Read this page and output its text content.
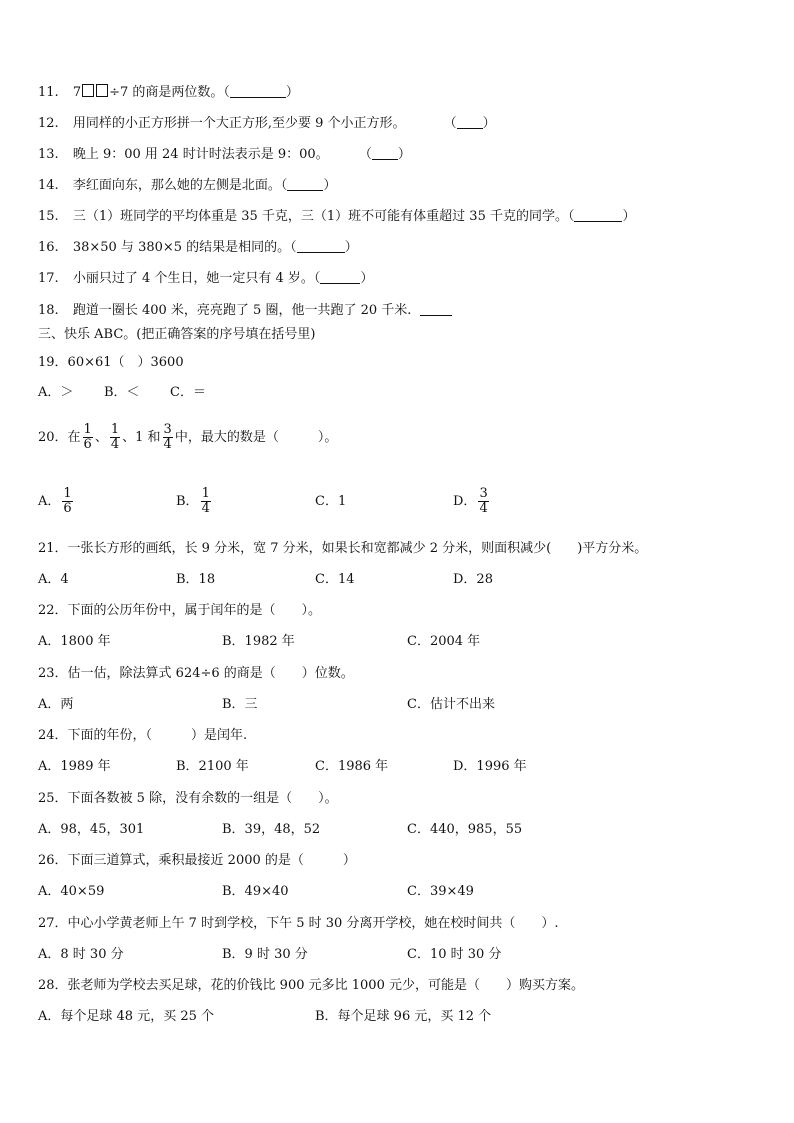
11. 7 ÷7 的商是两位数。（	）
12. 用同样的小正方形拼一个大正方形,至少要 9 个小正方形。	（ ）
13. 晚上 9：00 用 24 时计时法表示是 9：00。 （ ）
14. 李红面向东，那么她的左侧是北面。（	）
15. 三（1）班同学的平均体重是 35 千克，三（1）班不可能有体重超过 35 千克的同学。（	）
16. 38×50 与 380×5 的结果是相同的。（	）
17. 小丽只过了 4 个生日，她一定只有 4 岁。（	）
18. 跑道一圈长 400 米，亮亮跑了 5 圈，他一共跑了 20 千米.
三、快乐 ABC。(把正确答案的序号填在括号里)
19．60×61（　）3600
A．＞ B．＜ C．＝
20．在 $\frac{1}{6}$ 、 $\frac{1}{4}$ 、1 和 $\frac{3}{4}$ 中，最大的数是（　　　）。
A． $\frac{1}{6}$	B． $\frac{1}{4}$	C．1	D． $\frac{3}{4}$
21．一张长方形的画纸，长 9 分米，宽 7 分米，如果长和宽都减少 2 分米，则面积减少(　　)平方分米。
A．4	B．18	C．14	D．28
22．下面的公历年份中，属于闰年的是（　　）。
A．1800 年	B．1982 年	C．2004 年
23．估一估，除法算式 624÷6 的商是（　　）位数。
A．两	B．三	C．估计不出来
24．下面的年份，（　　　）是闰年.
A．1989 年	B．2100 年	C．1986 年	D．1996 年
25．下面各数被 5 除，没有余数的一组是（　　）。
A．98，45，301	B．39，48，52	C．440，985，55
26．下面三道算式，乘积最接近 2000 的是（　　　）
A．40×59	B．49×40	C．39×49
27．中心小学黄老师上午 7 时到学校，下午 5 时 30 分离开学校，她在校时间共（　　）.
A．8 时 30 分	B．9 时 30 分	C．10 时 30 分
28．张老师为学校去买足球，花的价钱比 900 元多比 1000 元少，可能是（　　）购买方案。
A．每个足球 48 元，买 25 个	B．每个足球 96 元，买 12 个
